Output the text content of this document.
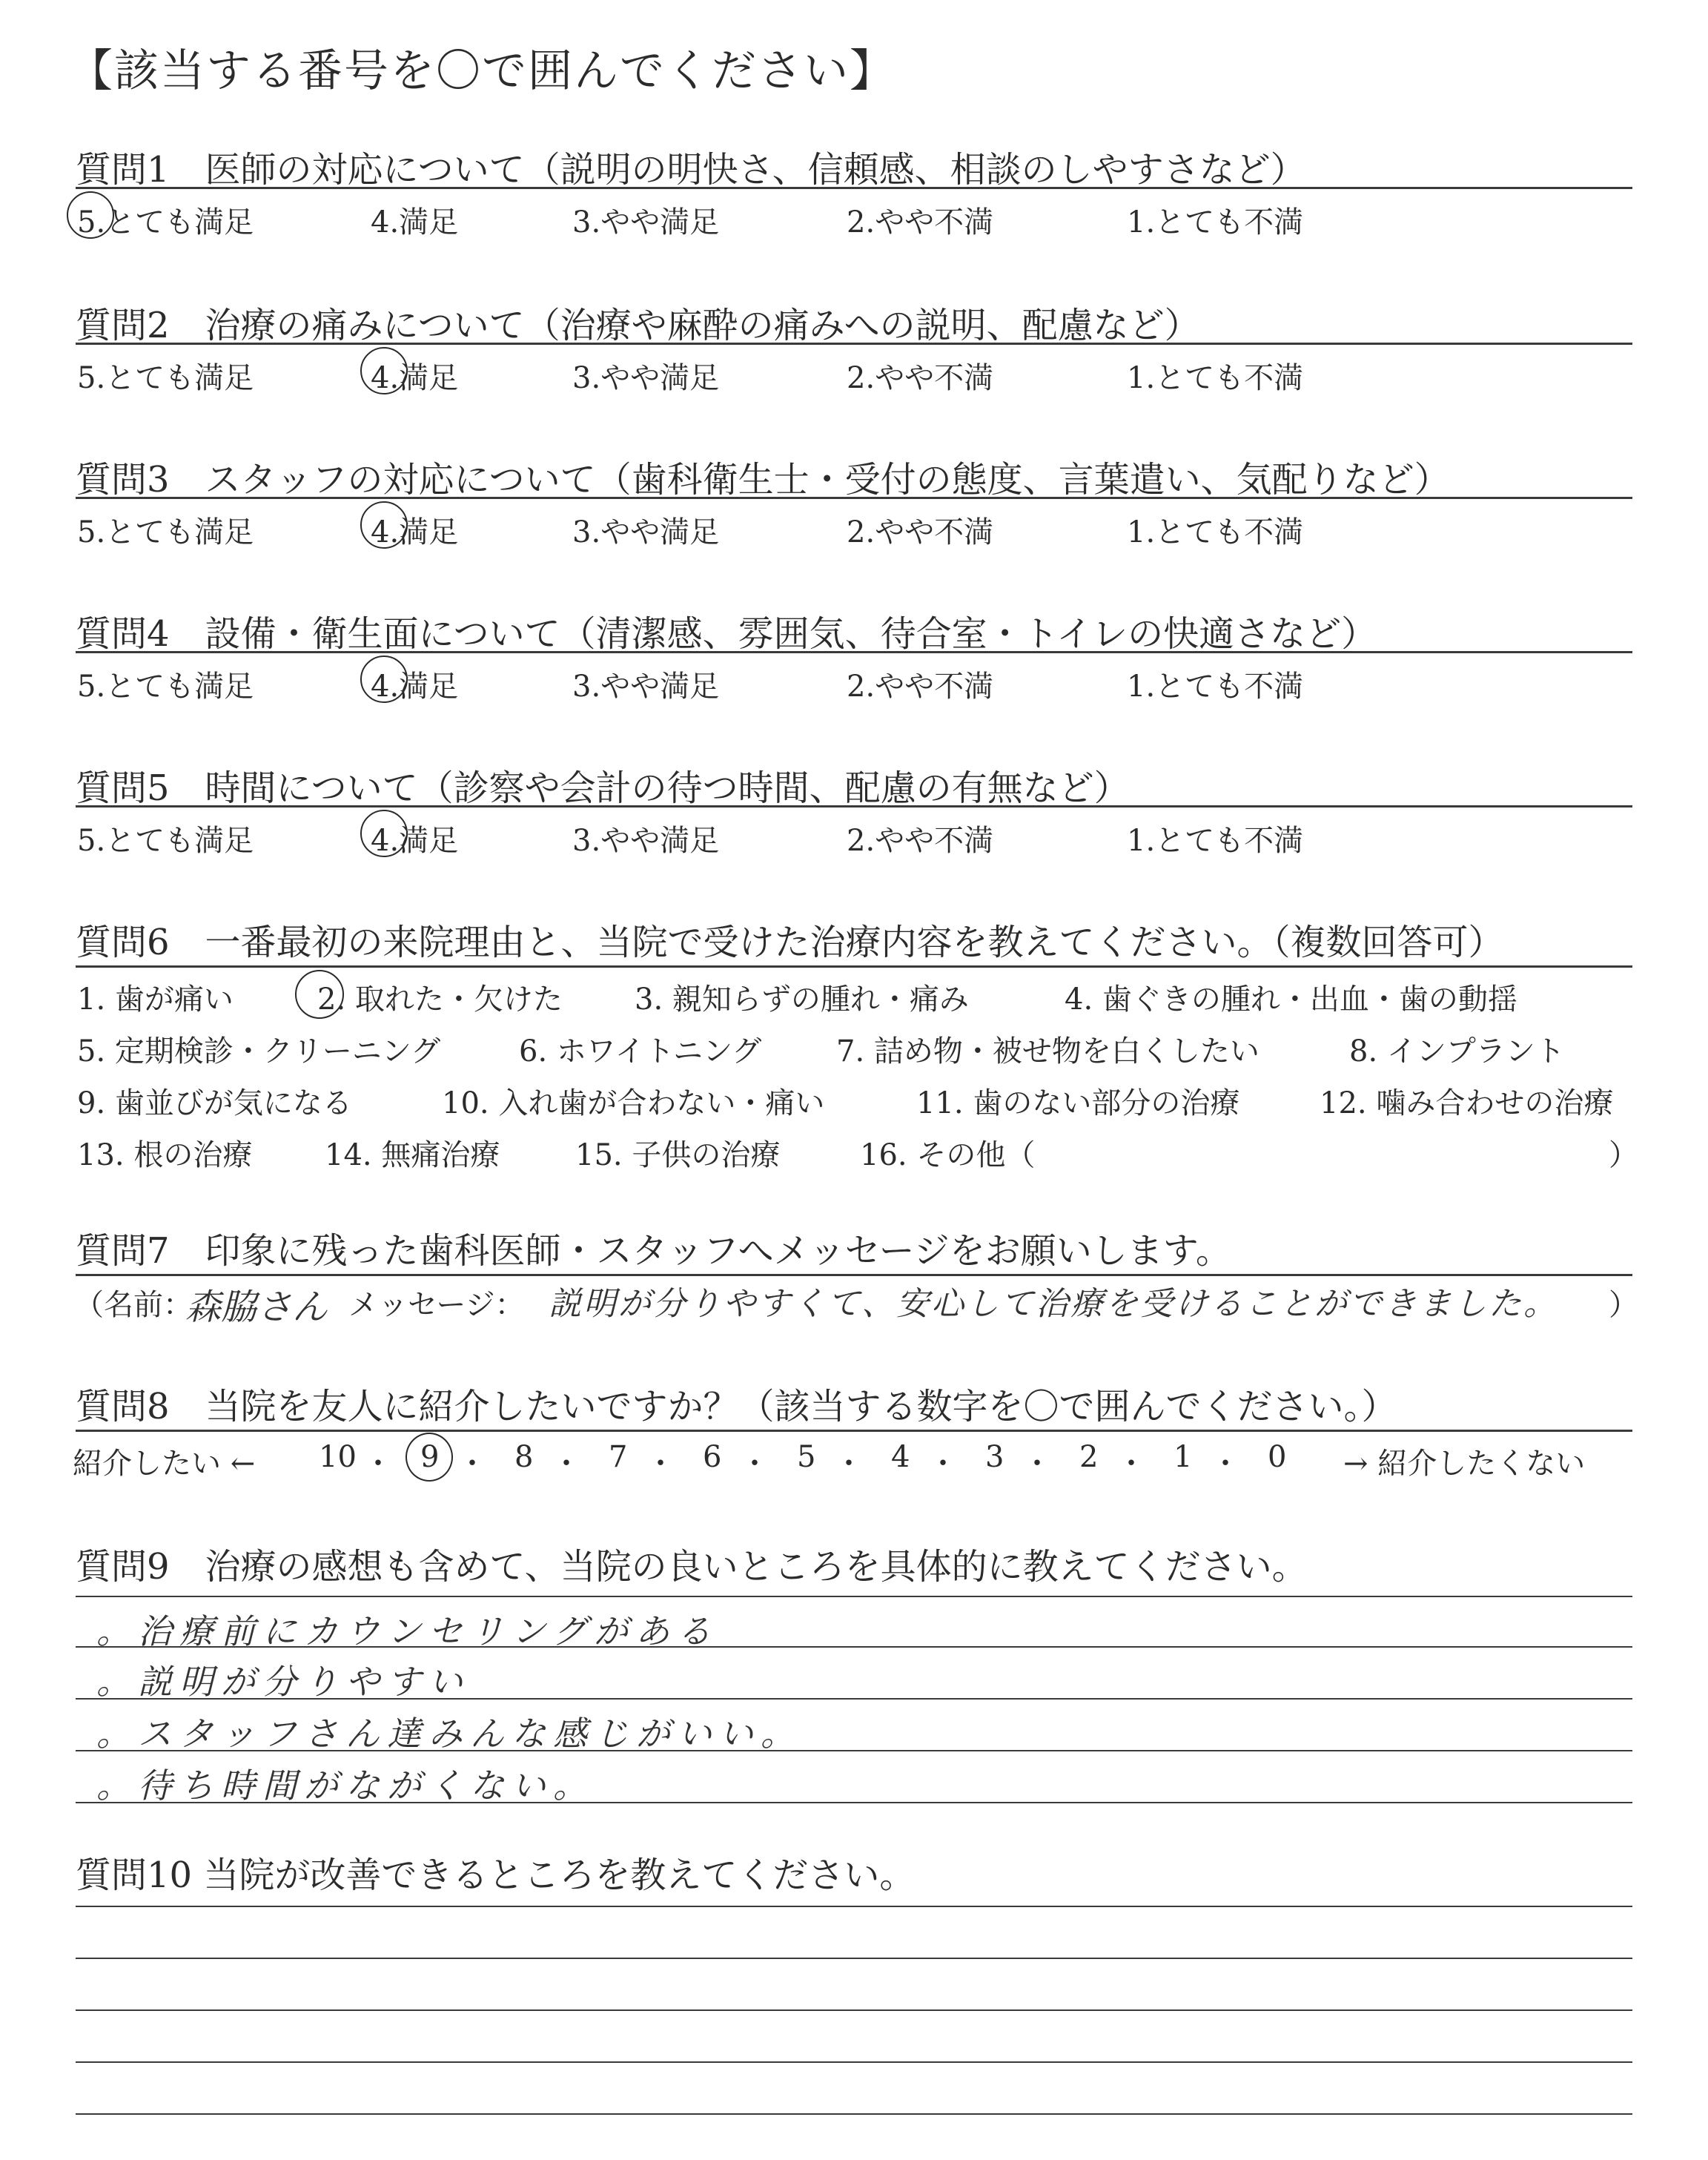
【該当する番号を〇で囲んでください】
質問1　医師の対応について（説明の明快さ、信頼感、相談のしやすさなど）
5.とても満足	4.満足	3.やや満足	2.やや不満	1.とても不満
質問2　治療の痛みについて（治療や麻酔の痛みへの説明、配慮など）
5.とても満足	4.満足	3.やや満足	2.やや不満	1.とても不満
質問3　スタッフの対応について（歯科衛生士・受付の態度、言葉遣い、気配りなど）
5.とても満足	4.満足	3.やや満足	2.やや不満	1.とても不満
質問4　設備・衛生面について（清潔感、雰囲気、待合室・トイレの快適さなど）
5.とても満足	4.満足	3.やや満足	2.やや不満	1.とても不満
質問5　時間について（診察や会計の待つ時間、配慮の有無など）
5.とても満足	4.満足	3.やや満足	2.やや不満	1.とても不満
質問6　一番最初の来院理由と、当院で受けた治療内容を教えてください。（複数回答可）
1. 歯が痛い	2. 取れた・欠けた 3. 親知らずの腫れ・痛み	4. 歯ぐきの腫れ・出血・歯の動揺
5. 定期検診・クリーニング	6. ホワイトニング	7. 詰め物・被せ物を白くしたい	8. インプラント
9. 歯並びが気になる	10. 入れ歯が合わない・痛い	11. 歯のない部分の治療	12. 噛み合わせの治療
13. 根の治療 14. 無痛治療	15. 子供の治療	16. その他（	）
質問7　印象に残った歯科医師・スタッフへメッセージをお願いします。
（名前：
森脇さん メッセージ： 説明が分りやすくて、安心して治療を受けることができました。 ）
質問8　当院を友人に紹介したいですか？（該当する数字を〇で囲んでください。）
紹介したい ← 10 ・ 9 ・ 8 ・ 7 ・ 6 ・ 5 ・ 4 ・ 3 ・ 2 ・ 1 ・ 0 → 紹介したくない
質問9　治療の感想も含めて、当院の良いところを具体的に教えてください。
。治療前にカウンセリングがある
。説明が分りやすい
。スタッフさん達みんな感じがいい。
。待ち時間がながくない。
質問10 当院が改善できるところを教えてください。
